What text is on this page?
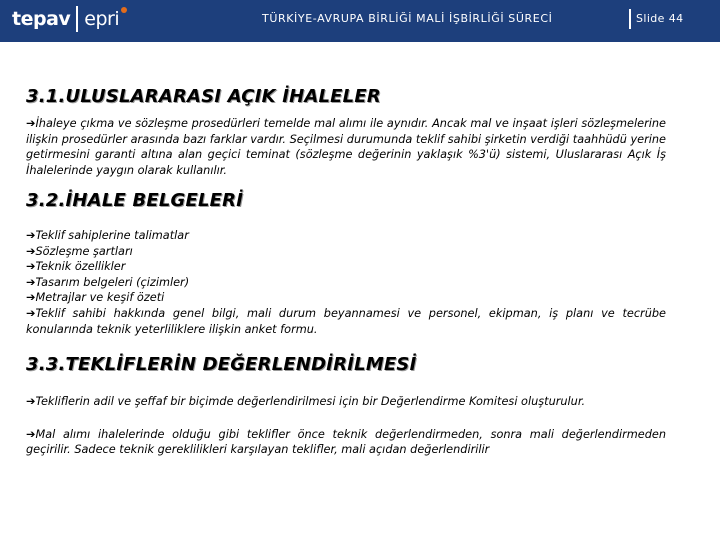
tepav epri	TÜRKİYE-AVRUPA BİRLİĞİ MALİ İŞBİRLİĞİ SÜRECİ	Slide 44
3.1.ULUSLARARASI AÇIK İHALELER

➔İhaleye çıkma ve sözleşme prosedürleri temelde mal alımı ile aynıdır. Ancak mal ve inşaat işleri sözleşmelerine ilişkin prosedürler arasında bazı farklar vardır. Seçilmesi durumunda teklif sahibi şirketin verdiği taahhüdü yerine getirmesini garanti altına alan geçici teminat (sözleşme değerinin yaklaşık %3'ü) sistemi, Uluslararası Açık İş İhalelerinde yaygın olarak kullanılır.

3.2.İHALE BELGELERİ
➔Teklif sahiplerine talimatlar
➔Sözleşme şartları
➔Teknik özellikler
➔Tasarım belgeleri (çizimler)
➔Metrajlar ve keşif özeti
➔Teklif sahibi hakkında genel bilgi, mali durum beyannamesi ve personel, ekipman, iş planı ve tecrübe konularında teknik yeterliliklere ilişkin anket formu.
3.3.TEKLİFLERİN DEĞERLENDİRİLMESİ

➔Tekliflerin adil ve şeffaf bir biçimde değerlendirilmesi için bir Değerlendirme Komitesi oluşturulur.

➔Mal alımı ihalelerinde olduğu gibi teklifler önce teknik değerlendirmeden, sonra mali değerlendirmeden geçirilir. Sadece teknik gereklilikleri karşılayan teklifler, mali açıdan değerlendirilir
